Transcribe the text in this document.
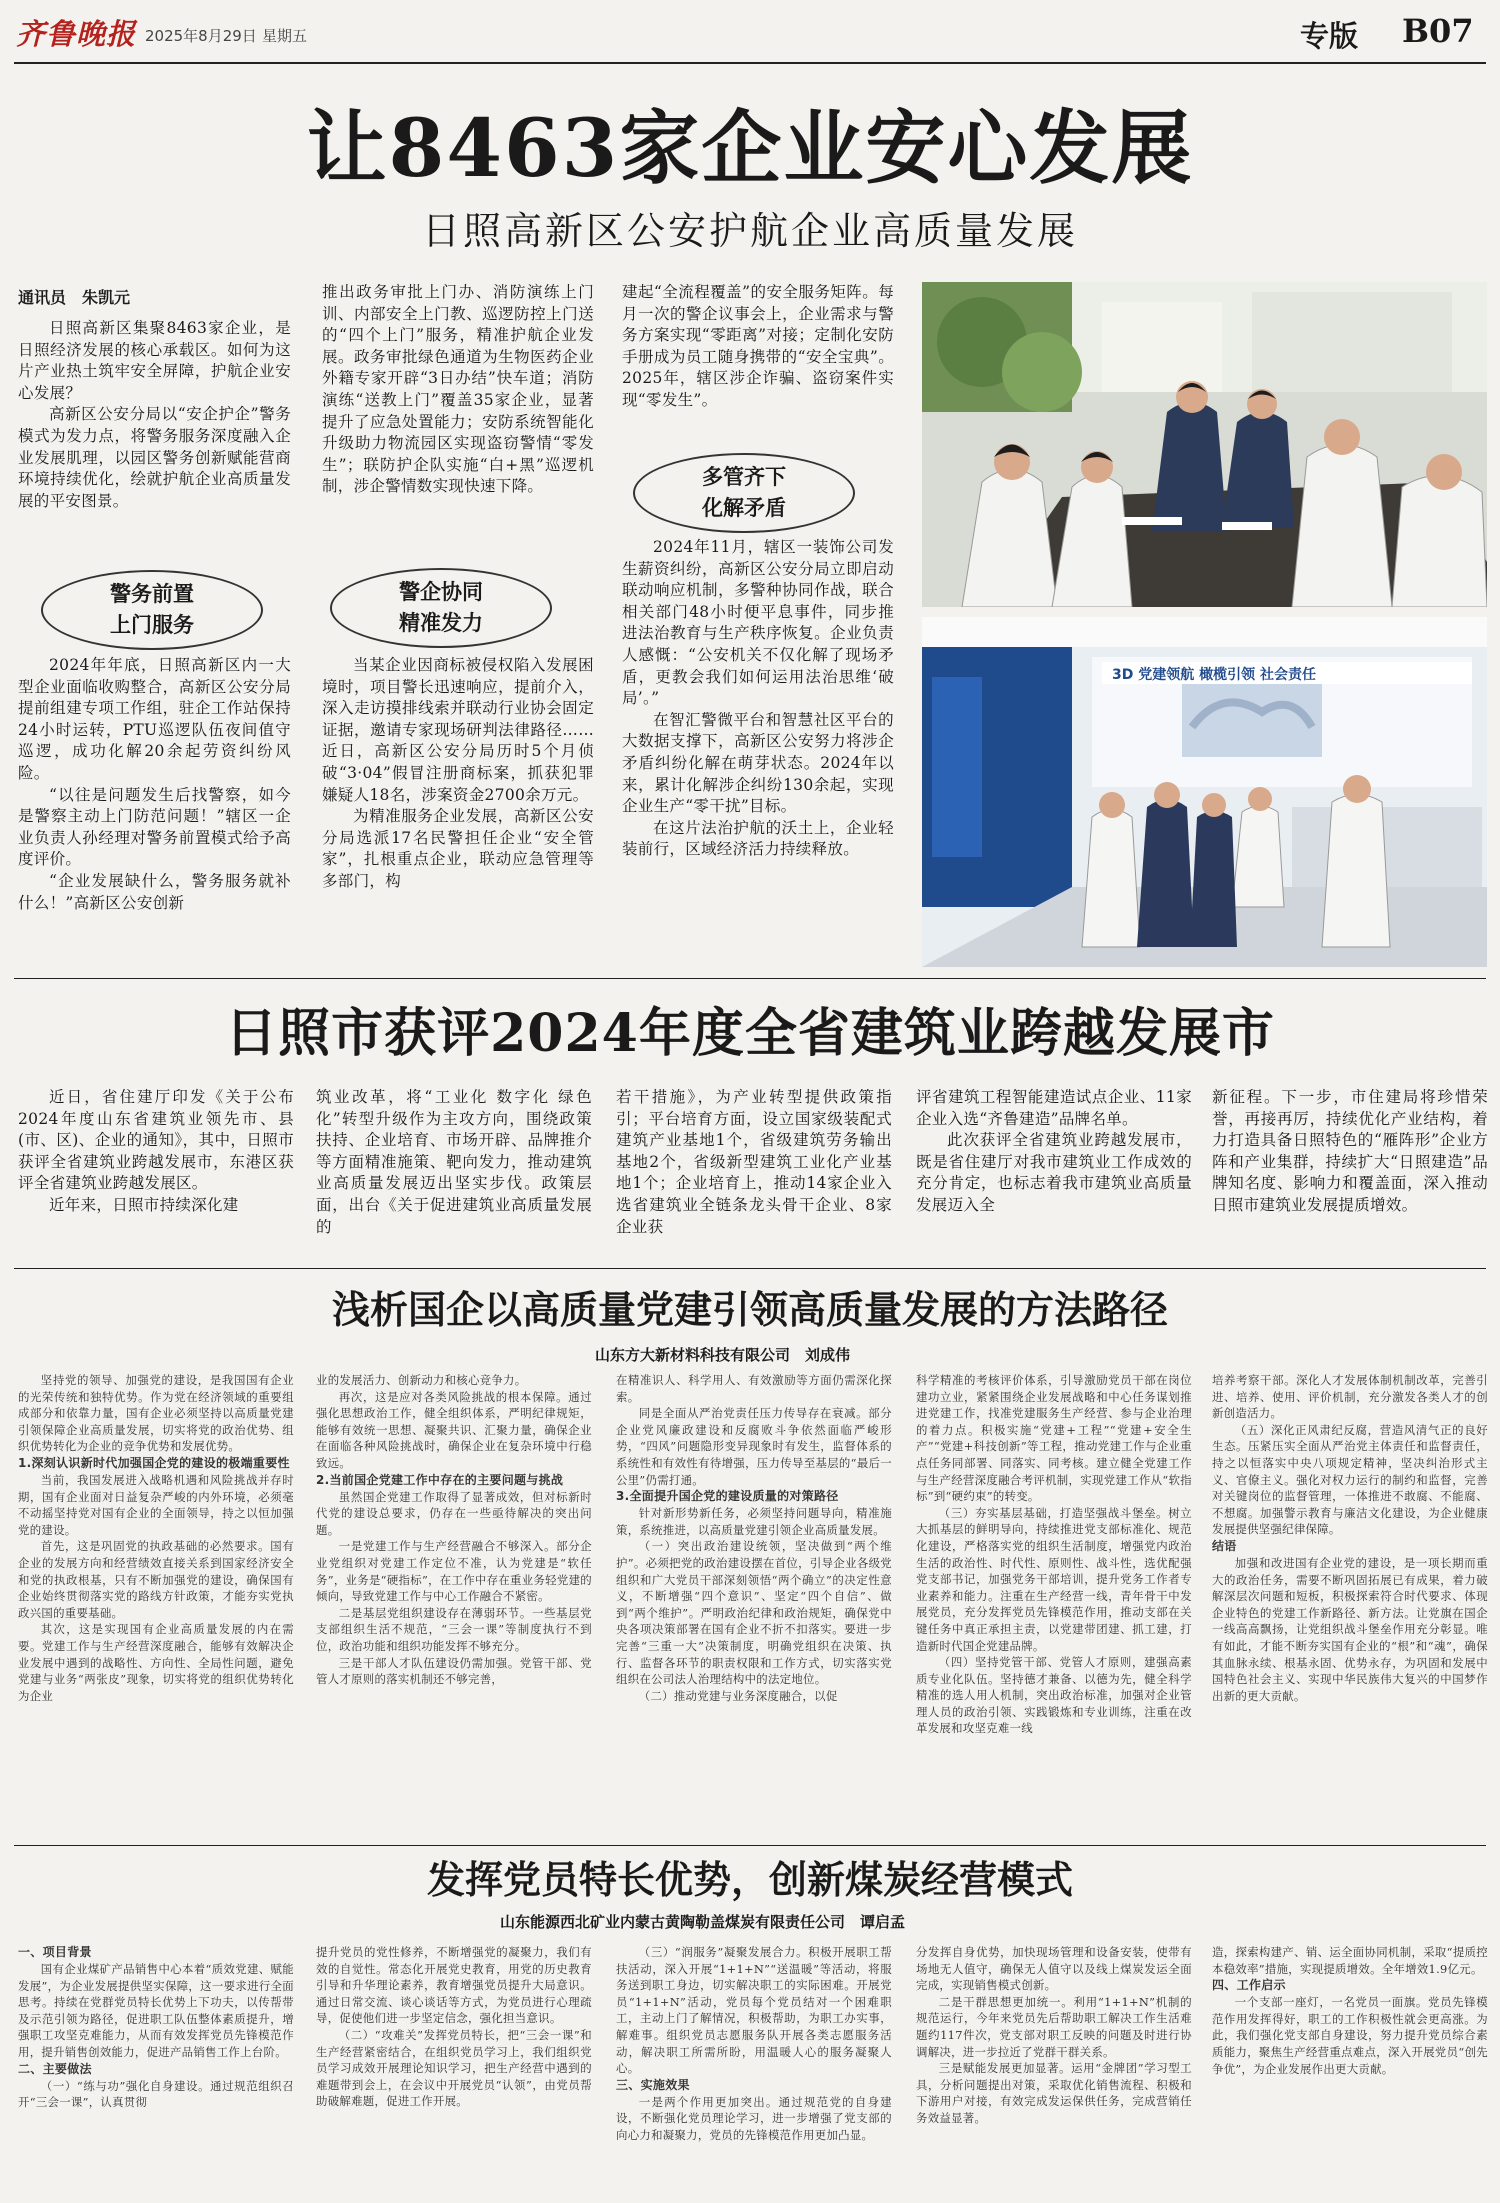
齐鲁晚报 2025年8月29日 星期五	专版 B07
让8463家企业安心发展
日照高新区公安护航企业高质量发展
通讯员　朱凯元

日照高新区集聚8463家企业，是日照经济发展的核心承载区。如何为这片产业热土筑牢安全屏障，护航企业安心发展？

高新区公安分局以“安企护企”警务模式为发力点，将警务服务深度融入企业发展肌理，以园区警务创新赋能营商环境持续优化，绘就护航企业高质量发展的平安图景。

警务前置
上门服务

2024年年底，日照高新区内一大型企业面临收购整合，高新区公安分局提前组建专项工作组，驻企工作站保持24小时运转，PTU巡逻队伍夜间值守巡逻，成功化解20余起劳资纠纷风险。

“以往是问题发生后找警察，如今是警察主动上门防范问题！”辖区一企业负责人孙经理对警务前置模式给予高度评价。

“企业发展缺什么，警务服务就补什么！”高新区公安创新

推出政务审批上门办、消防演练上门训、内部安全上门教、巡逻防控上门送的“四个上门”服务，精准护航企业发展。政务审批绿色通道为生物医药企业外籍专家开辟“3日办结”快车道；消防演练“送教上门”覆盖35家企业，显著提升了应急处置能力；安防系统智能化升级助力物流园区实现盗窃警情“零发生”；联防护企队实施“白+黑”巡逻机制，涉企警情数实现快速下降。

警企协同
精准发力

当某企业因商标被侵权陷入发展困境时，项目警长迅速响应，提前介入，深入走访摸排线索并联动行业协会固定证据，邀请专家现场研判法律路径……近日，高新区公安分局历时5个月侦破“3·04”假冒注册商标案，抓获犯罪嫌疑人18名，涉案资金2700余万元。

为精准服务企业发展，高新区公安分局选派17名民警担任企业“安全管家”，扎根重点企业，联动应急管理等多部门，构

建起“全流程覆盖”的安全服务矩阵。每月一次的警企议事会上，企业需求与警务方案实现“零距离”对接；定制化安防手册成为员工随身携带的“安全宝典”。2025年，辖区涉企诈骗、盗窃案件实现“零发生”。

多管齐下
化解矛盾

2024年11月，辖区一装饰公司发生薪资纠纷，高新区公安分局立即启动联动响应机制，多警种协同作战，联合相关部门48小时便平息事件，同步推进法治教育与生产秩序恢复。企业负责人感慨：“公安机关不仅化解了现场矛盾，更教会我们如何运用法治思维‘破局’。”

在智汇警微平台和智慧社区平台的大数据支撑下，高新区公安努力将涉企矛盾纠纷化解在萌芽状态。2024年以来，累计化解涉企纠纷130余起，实现企业生产“零干扰”目标。

在这片法治护航的沃土上，企业轻装前行，区域经济活力持续释放。

3D 党建领航 橄榄引领 社会责任
日照市获评2024年度全省建筑业跨越发展市

近日，省住建厅印发《关于公布2024年度山东省建筑业领先市、县(市、区)、企业的通知》，其中，日照市获评全省建筑业跨越发展市，东港区获评全省建筑业跨越发展区。

近年来，日照市持续深化建

筑业改革，将“工业化 数字化 绿色化”转型升级作为主攻方向，围绕政策扶持、企业培育、市场开辟、品牌推介等方面精准施策、靶向发力，推动建筑业高质量发展迈出坚实步伐。政策层面，出台《关于促进建筑业高质量发展的

若干措施》，为产业转型提供政策指引；平台培育方面，设立国家级装配式建筑产业基地1个，省级建筑劳务输出基地2个，省级新型建筑工业化产业基地1个；企业培育上，推动14家企业入选省建筑业全链条龙头骨干企业、8家企业获

评省建筑工程智能建造试点企业、11家企业入选“齐鲁建造”品牌名单。

此次获评全省建筑业跨越发展市，既是省住建厅对我市建筑业工作成效的充分肯定，也标志着我市建筑业高质量发展迈入全

新征程。下一步，市住建局将珍惜荣誉，再接再厉，持续优化产业结构，着力打造具备日照特色的“雁阵形”企业方阵和产业集群，持续扩大“日照建造”品牌知名度、影响力和覆盖面，深入推动日照市建筑业发展提质增效。

浅析国企以高质量党建引领高质量发展的方法路径
山东方大新材料科技有限公司　刘成伟

坚持党的领导、加强党的建设，是我国国有企业的光荣传统和独特优势。作为党在经济领域的重要组成部分和依靠力量，国有企业必须坚持以高质量党建引领保障企业高质量发展，切实将党的政治优势、组织优势转化为企业的竞争优势和发展优势。

1.深刻认识新时代加强国企党的建设的极端重要性

当前，我国发展进入战略机遇和风险挑战并存时期，国有企业面对日益复杂严峻的内外环境，必须毫不动摇坚持党对国有企业的全面领导，持之以恒加强党的建设。

首先，这是巩固党的执政基础的必然要求。国有企业的发展方向和经营绩效直接关系到国家经济安全和党的执政根基，只有不断加强党的建设，确保国有企业始终贯彻落实党的路线方针政策，才能夯实党执政兴国的重要基础。

其次，这是实现国有企业高质量发展的内在需要。党建工作与生产经营深度融合，能够有效解决企业发展中遇到的战略性、方向性、全局性问题，避免党建与业务“两张皮”现象，切实将党的组织优势转化为企业

业的发展活力、创新动力和核心竞争力。

再次，这是应对各类风险挑战的根本保障。通过强化思想政治工作，健全组织体系，严明纪律规矩，能够有效统一思想、凝聚共识、汇聚力量，确保企业在面临各种风险挑战时，确保企业在复杂环境中行稳致远。

2.当前国企党建工作中存在的主要问题与挑战

虽然国企党建工作取得了显著成效，但对标新时代党的建设总要求，仍存在一些亟待解决的突出问题。

一是党建工作与生产经营融合不够深入。部分企业党组织对党建工作定位不准，认为党建是“软任务”，业务是“硬指标”，在工作中存在重业务轻党建的倾向，导致党建工作与中心工作融合不紧密。

二是基层党组织建设存在薄弱环节。一些基层党支部组织生活不规范，“三会一课”等制度执行不到位，政治功能和组织功能发挥不够充分。

三是干部人才队伍建设仍需加强。党管干部、党管人才原则的落实机制还不够完善，

在精准识人、科学用人、有效激励等方面仍需深化探索。

同是全面从严治党责任压力传导存在衰减。部分企业党风廉政建设和反腐败斗争依然面临严峻形势，“四风”问题隐形变异现象时有发生，监督体系的系统性和有效性有待增强，压力传导至基层的“最后一公里”仍需打通。

3.全面提升国企党的建设质量的对策路径

针对新形势新任务，必须坚持问题导向，精准施策，系统推进，以高质量党建引领企业高质量发展。

（一）突出政治建设统领，坚决做到“两个维护”。必须把党的政治建设摆在首位，引导企业各级党组织和广大党员干部深刻领悟“两个确立”的决定性意义，不断增强“四个意识”、坚定“四个自信”、做到“两个维护”。严明政治纪律和政治规矩，确保党中央各项决策部署在国有企业不折不扣落实。要进一步完善“三重一大”决策制度，明确党组织在决策、执行、监督各环节的职责权限和工作方式，切实落实党组织在公司法人治理结构中的法定地位。

（二）推动党建与业务深度融合，以促

科学精准的考核评价体系，引导激励党员干部在岗位建功立业，紧紧围绕企业发展战略和中心任务谋划推进党建工作，找准党建服务生产经营、参与企业治理的着力点。积极实施“党建+工程”“党建+安全生产”“党建+科技创新”等工程，推动党建工作与企业重点任务同部署、同落实、同考核。建立健全党建工作与生产经营深度融合考评机制，实现党建工作从“软指标”到“硬约束”的转变。

（三）夯实基层基础，打造坚强战斗堡垒。树立大抓基层的鲜明导向，持续推进党支部标准化、规范化建设，严格落实党的组织生活制度，增强党内政治生活的政治性、时代性、原则性、战斗性，选优配强党支部书记，加强党务干部培训，提升党务工作者专业素养和能力。注重在生产经营一线，青年骨干中发展党员，充分发挥党员先锋模范作用，推动支部在关键任务中真正承担主责，以党建带团建、抓工建，打造新时代国企党建品牌。

（四）坚持党管干部、党管人才原则，建强高素质专业化队伍。坚持德才兼备、以德为先，健全科学精准的选人用人机制，突出政治标准，加强对企业管理人员的政治引领、实践锻炼和专业训练，注重在改革发展和攻坚克难一线

培养考察干部。深化人才发展体制机制改革，完善引进、培养、使用、评价机制，充分激发各类人才的创新创造活力。

（五）深化正风肃纪反腐，营造风清气正的良好生态。压紧压实全面从严治党主体责任和监督责任，持之以恒落实中央八项规定精神，坚决纠治形式主义、官僚主义。强化对权力运行的制约和监督，完善对关键岗位的监督管理，一体推进不敢腐、不能腐、不想腐。加强警示教育与廉洁文化建设，为企业健康发展提供坚强纪律保障。

结语

加强和改进国有企业党的建设，是一项长期而重大的政治任务，需要不断巩固拓展已有成果，着力破解深层次问题和短板，积极探索符合时代要求、体现企业特色的党建工作新路径、新方法。让党旗在国企一线高高飘扬，让党组织战斗堡垒作用充分彰显。唯有如此，才能不断夯实国有企业的“根”和“魂”，确保其血脉永续、根基永固、优势永存，为巩固和发展中国特色社会主义、实现中华民族伟大复兴的中国梦作出新的更大贡献。

发挥党员特长优势，创新煤炭经营模式
山东能源西北矿业内蒙古黄陶勒盖煤炭有限责任公司　谭启孟

一、项目背景

国有企业煤矿产品销售中心本着“质效党建、赋能发展”，为企业发展提供坚实保障，这一要求进行全面思考。持续在党群党员特长优势上下功夫，以传帮带及示范引领为路径，促进职工队伍整体素质提升，增强职工攻坚克难能力，从而有效发挥党员先锋模范作用，提升销售创效能力，促进产品销售工作上台阶。

二、主要做法

（一）“练与功”强化自身建设。通过规范组织召开“三会一课”，认真贯彻

提升党员的党性修养，不断增强党的凝聚力，我们有效的自觉性。常态化开展党史教育，用党的历史教育引导和升华理论素养，教育增强党员提升大局意识。通过日常交流、谈心谈话等方式，为党员进行心理疏导，促使他们进一步坚定信念，强化担当意识。

（二）“攻难关”发挥党员特长，把“三会一课”和生产经营紧密结合，在组织党员学习上，我们组织党员学习成效开展理论知识学习，把生产经营中遇到的难题带到会上，在会议中开展党员“认领”，由党员帮助破解难题，促进工作开展。

（三）“润服务”凝聚发展合力。积极开展职工帮扶活动，深入开展“1+1+N”“送温暖”等活动，将服务送到职工身边，切实解决职工的实际困难。开展党员“1+1+N”活动，党员每个党员结对一个困难职工，主动上门了解情况，积极帮助，为职工办实事，解难事。组织党员志愿服务队开展各类志愿服务活动，解决职工所需所盼，用温暖人心的服务凝聚人心。

三、实施效果

一是两个作用更加突出。通过规范党的自身建设，不断强化党员理论学习，进一步增强了党支部的向心力和凝聚力，党员的先锋模范作用更加凸显。

分发挥自身优势，加快现场管理和设备安装，使带有场地无人值守，确保无人值守以及线上煤炭发运全面完成，实现销售模式创新。

二是干群思想更加统一。利用“1+1+N”机制的规范运行，今年来党员先后帮助职工解决工作生活难题约117件次，党支部对职工反映的问题及时进行协调解决，进一步拉近了党群干群关系。

三是赋能发展更加显著。运用“金牌团”学习型工具，分析问题提出对策，采取优化销售流程、积极和下游用户对接，有效完成发运保供任务，完成营销任务效益显著。

造，探索构建产、销、运全面协同机制，采取“提质控本稳效率”措施，实现提质增效。全年增效1.9亿元。

四、工作启示

一个支部一座灯，一名党员一面旗。党员先锋模范作用发挥得好，职工的工作积极性就会更高涨。为此，我们强化党支部自身建设，努力提升党员综合素质能力，聚焦生产经营重点难点，深入开展党员“创先争优”，为企业发展作出更大贡献。
